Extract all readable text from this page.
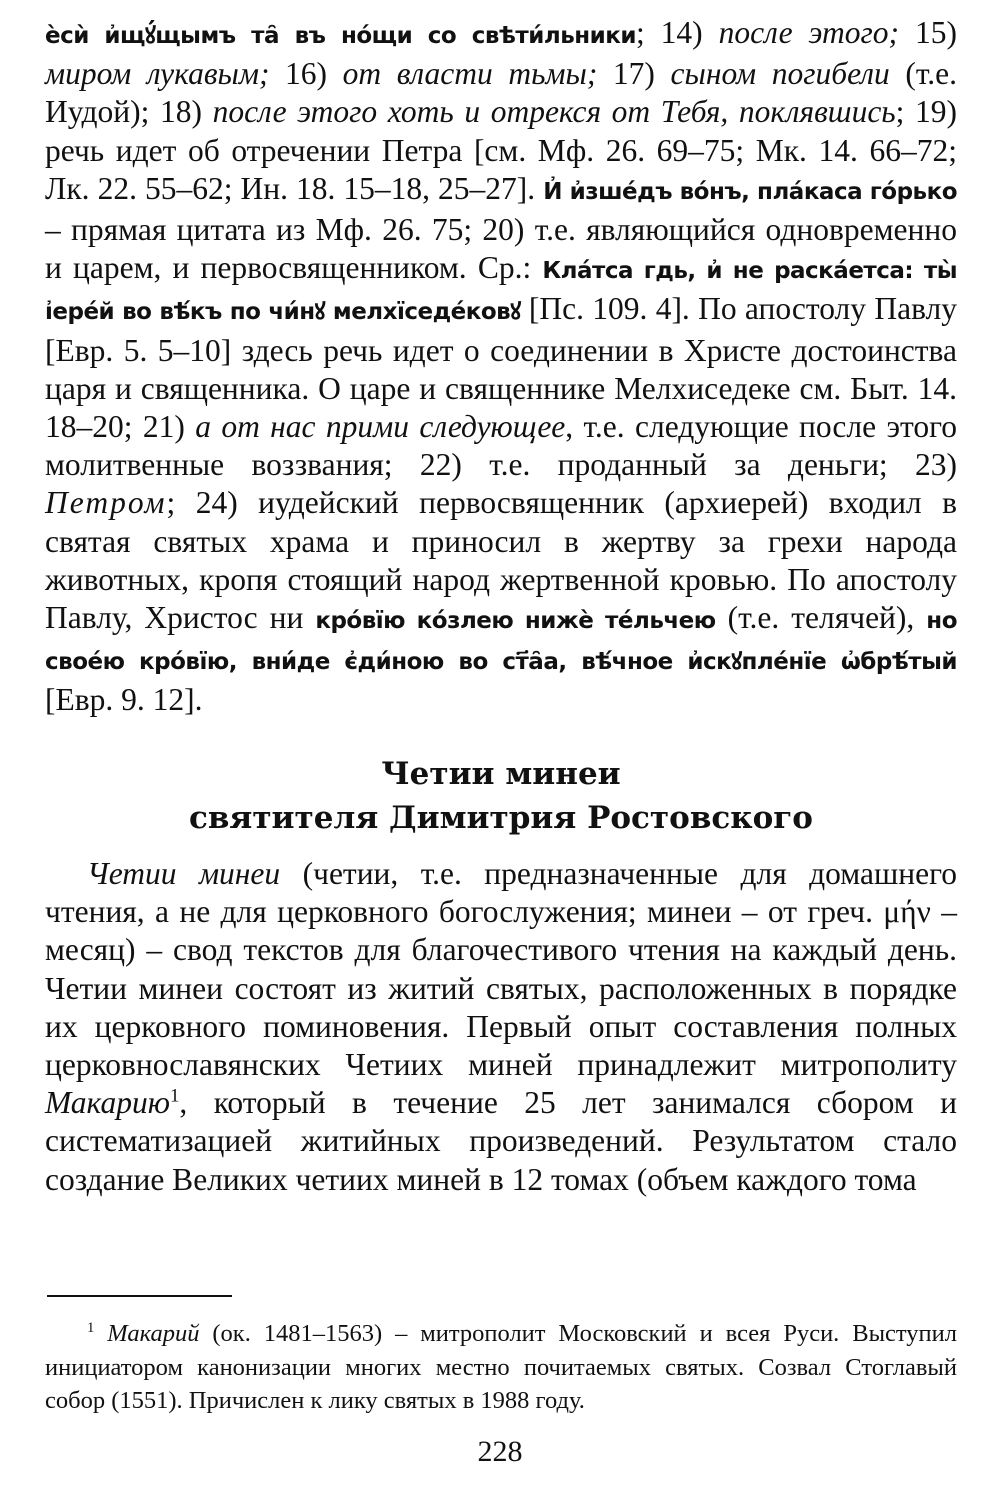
ѐсѝ и҆щꙋ́щымъ та̑ въ но́щи со свѣти́льники; 14) после этого; 15) миром лукавым; 16) от власти тьмы; 17) сыном погибели (т.е. Иудой); 18) после этого хоть и отрекся от Тебя, поклявшись; 19) речь идет об отречении Петра [см. Мф. 26. 69–75; Мк. 14. 66–72; Лк. 22. 55–62; Ин. 18. 15–18, 25–27]. И҆ и҆зше́дъ во́нъ, пла́каса го́рько – прямая цитата из Мф. 26. 75; 20) т.е. являющийся одновременно и царем, и первосвященником. Ср.: Кла́тса гдь, и҆ не раска́етса: ты̀ і҆ере́й во вѣ́къ по чи́нꙋ мелхїседе́ковꙋ [Пс. 109. 4]. По апостолу Павлу [Евр. 5. 5–10] здесь речь идет о соединении в Христе достоинства царя и священника. О царе и священнике Мелхиседеке см. Быт. 14. 18–20; 21) а от нас прими следующее, т.е. следующие после этого молитвенные воззвания; 22) т.е. проданный за деньги; 23) Петром; 24) иудейский первосвященник (архиерей) входил в святая святых храма и приносил в жертву за грехи народа животных, кропя стоящий народ жертвенной кровью. По апостолу Павлу, Христос ни кро́вїю ко́злею нижѐ те́льчею (т.е. телячей), но свое́ю кро́вїю, вни́де є҆ди́ною во ст҃а̑а, вѣ́чное и҆скꙋпле́нїе ѡ҆брѣ́тый [Евр. 9. 12].

Четии минеи

святителя Димитрия Ростовского

Четии минеи (четии, т.е. предназначенные для домашнего чтения, а не для церковного богослужения; минеи – от греч. μήν – месяц) – свод текстов для благочестивого чтения на каждый день. Четии минеи состоят из житий святых, расположенных в порядке их церковного поминовения. Первый опыт составления полных церковнославянских Четиих миней принадлежит митрополиту Макарию$^1$, который в течение 25 лет занимался сбором и систематизацией житийных произведений. Результатом стало создание Великих четиих миней в 12 томах (объем каждого тома

$^1$ Макарий (ок. 1481–1563) – митрополит Московский и всея Руси. Выступил инициатором канонизации многих местно почитаемых святых. Созвал Стоглавый собор (1551). Причислен к лику святых в 1988 году.

228
